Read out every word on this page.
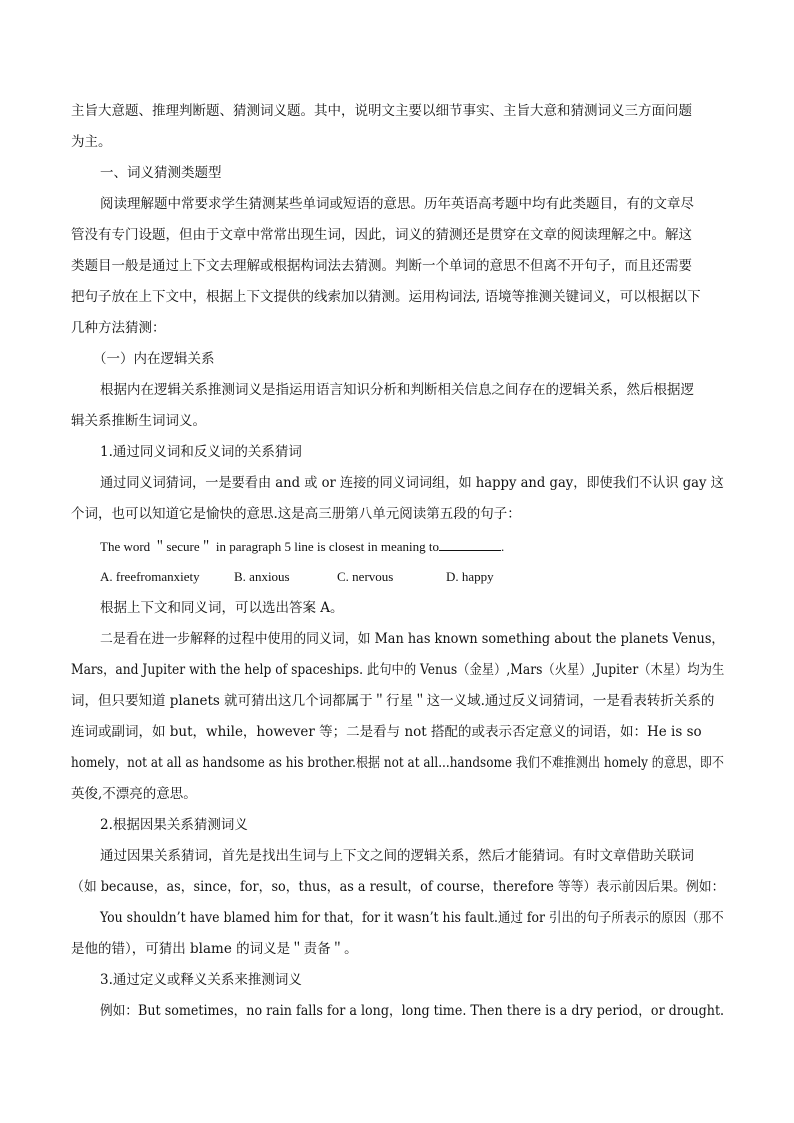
主旨大意题、推理判断题、猜测词义题。其中，说明文主要以细节事实、主旨大意和猜测词义三方面问题
为主。
一、词义猜测类题型
阅读理解题中常要求学生猜测某些单词或短语的意思。历年英语高考题中均有此类题目，有的文章尽
管没有专门设题，但由于文章中常常出现生词，因此，词义的猜测还是贯穿在文章的阅读理解之中。解这
类题目一般是通过上下文去理解或根据构词法去猜测。判断一个单词的意思不但离不开句子，而且还需要
把句子放在上下文中，根据上下文提供的线索加以猜测。运用构词法, 语境等推测关键词义，可以根据以下
几种方法猜测：
（一）内在逻辑关系
根据内在逻辑关系推测词义是指运用语言知识分析和判断相关信息之间存在的逻辑关系，然后根据逻
辑关系推断生词词义。
1.通过同义词和反义词的关系猜词
通过同义词猜词，一是要看由 and 或 or 连接的同义词词组，如 happy and gay，即使我们不认识 gay 这
个词，也可以知道它是愉快的意思.这是高三册第八单元阅读第五段的句子：
The word ＂secure＂ in paragraph 5 line is closest in meaning to	.
A. freefromanxiety	B. anxious	C. nervous	D. happy
根据上下文和同义词，可以选出答案 A。
二是看在进一步解释的过程中使用的同义词，如 Man has known something about the planets Venus，
Mars，and Jupiter with the help of spaceships. 此句中的 Venus（金星）,Mars（火星）,Jupiter（木星）均为生
词，但只要知道 planets 就可猜出这几个词都属于＂行星＂这一义域.通过反义词猜词，一是看表转折关系的
连词或副词，如 but，while，however 等；二是看与 not 搭配的或表示否定意义的词语，如：He is so
homely，not at all as handsome as his brother.根据 not at all...handsome 我们不难推测出 homely 的意思，即不
英俊,不漂亮的意思。
2.根据因果关系猜测词义
通过因果关系猜词，首先是找出生词与上下文之间的逻辑关系，然后才能猜词。有时文章借助关联词
（如 because，as，since，for，so，thus，as a result，of course，therefore 等等）表示前因后果。例如：
You shouldn’t have blamed him for that，for it wasn’t his fault.通过 for 引出的句子所表示的原因（那不
是他的错），可猜出 blame 的词义是＂责备＂。
3.通过定义或释义关系来推测词义
例如：But sometimes，no rain falls for a long，long time. Then there is a dry period，or drought.
